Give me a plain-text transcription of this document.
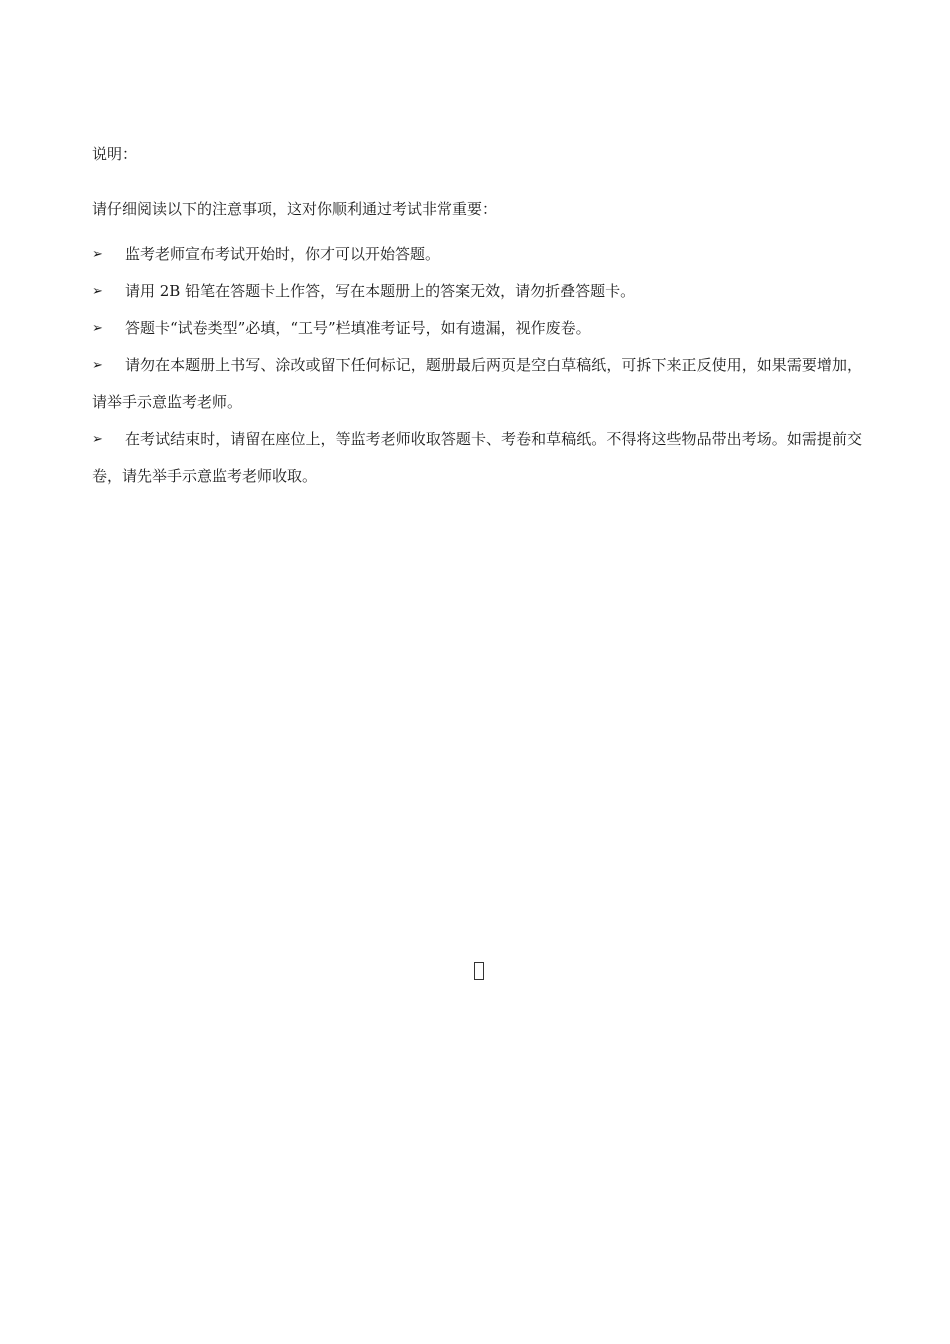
说明：
请仔细阅读以下的注意事项，这对你顺利通过考试非常重要：
➢	监考老师宣布考试开始时，你才可以开始答题。
➢	请用 2B 铅笔在答题卡上作答，写在本题册上的答案无效，请勿折叠答题卡。
➢	答题卡“试卷类型”必填，“工号”栏填准考证号，如有遗漏，视作废卷。
➢	请勿在本题册上书写、涂改或留下任何标记，题册最后两页是空白草稿纸，可拆下来正反使用，如果需要增加，请举手示意监考老师。
➢	在考试结束时，请留在座位上，等监考老师收取答题卡、考卷和草稿纸。不得将这些物品带出考场。如需提前交卷，请先举手示意监考老师收取。
